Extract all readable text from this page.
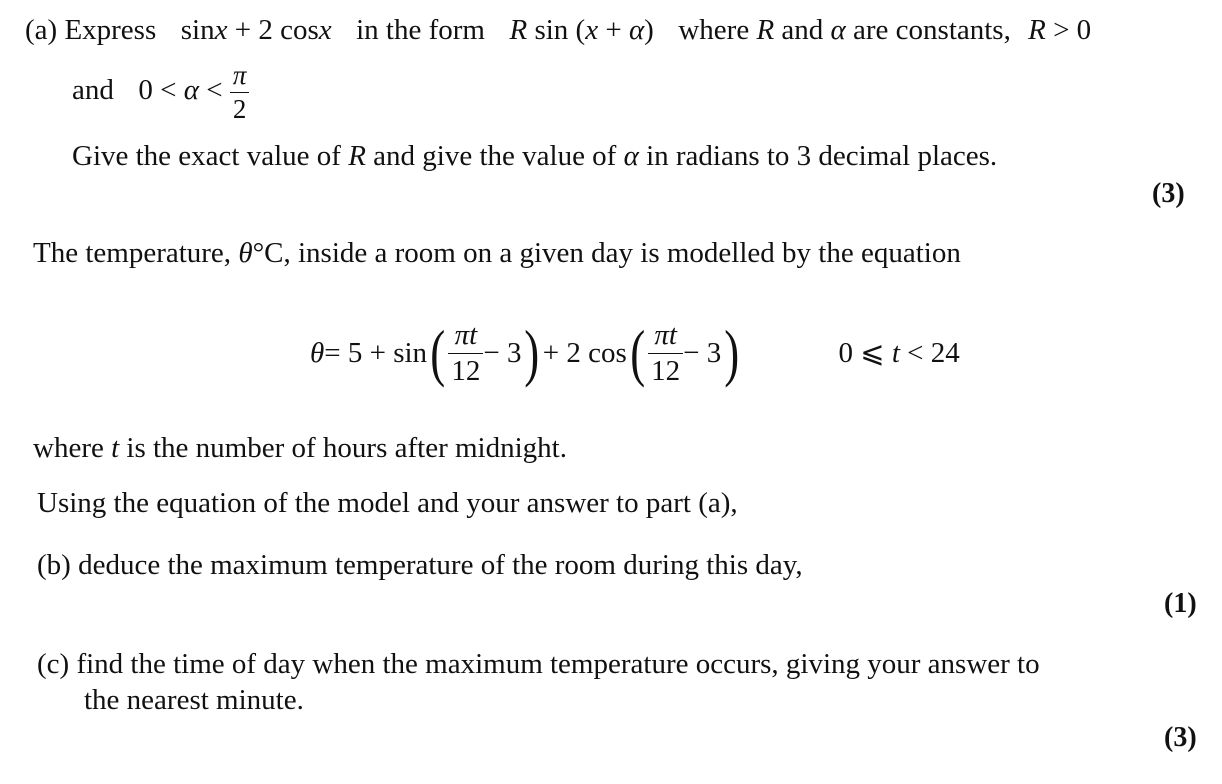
(a) Express sinx + 2 cosx in the form R sin (x + α) where R and α are constants, R > 0
and $0 < \alpha < \frac{\pi}{2}$
Give the exact value of R and give the value of α in radians to 3 decimal places.
(3)
The temperature, θ°C, inside a room on a given day is modelled by the equation
θ = 5 + sin ( $\frac{\pi t}{12} - 3$ ) + 2 cos ( $\frac{\pi t}{12} - 3$ )	0 ⩽ t < 24
where t is the number of hours after midnight.
Using the equation of the model and your answer to part (a),
(b) deduce the maximum temperature of the room during this day,
(1)
(c) find the time of day when the maximum temperature occurs, giving your answer to
the nearest minute.
(3)
